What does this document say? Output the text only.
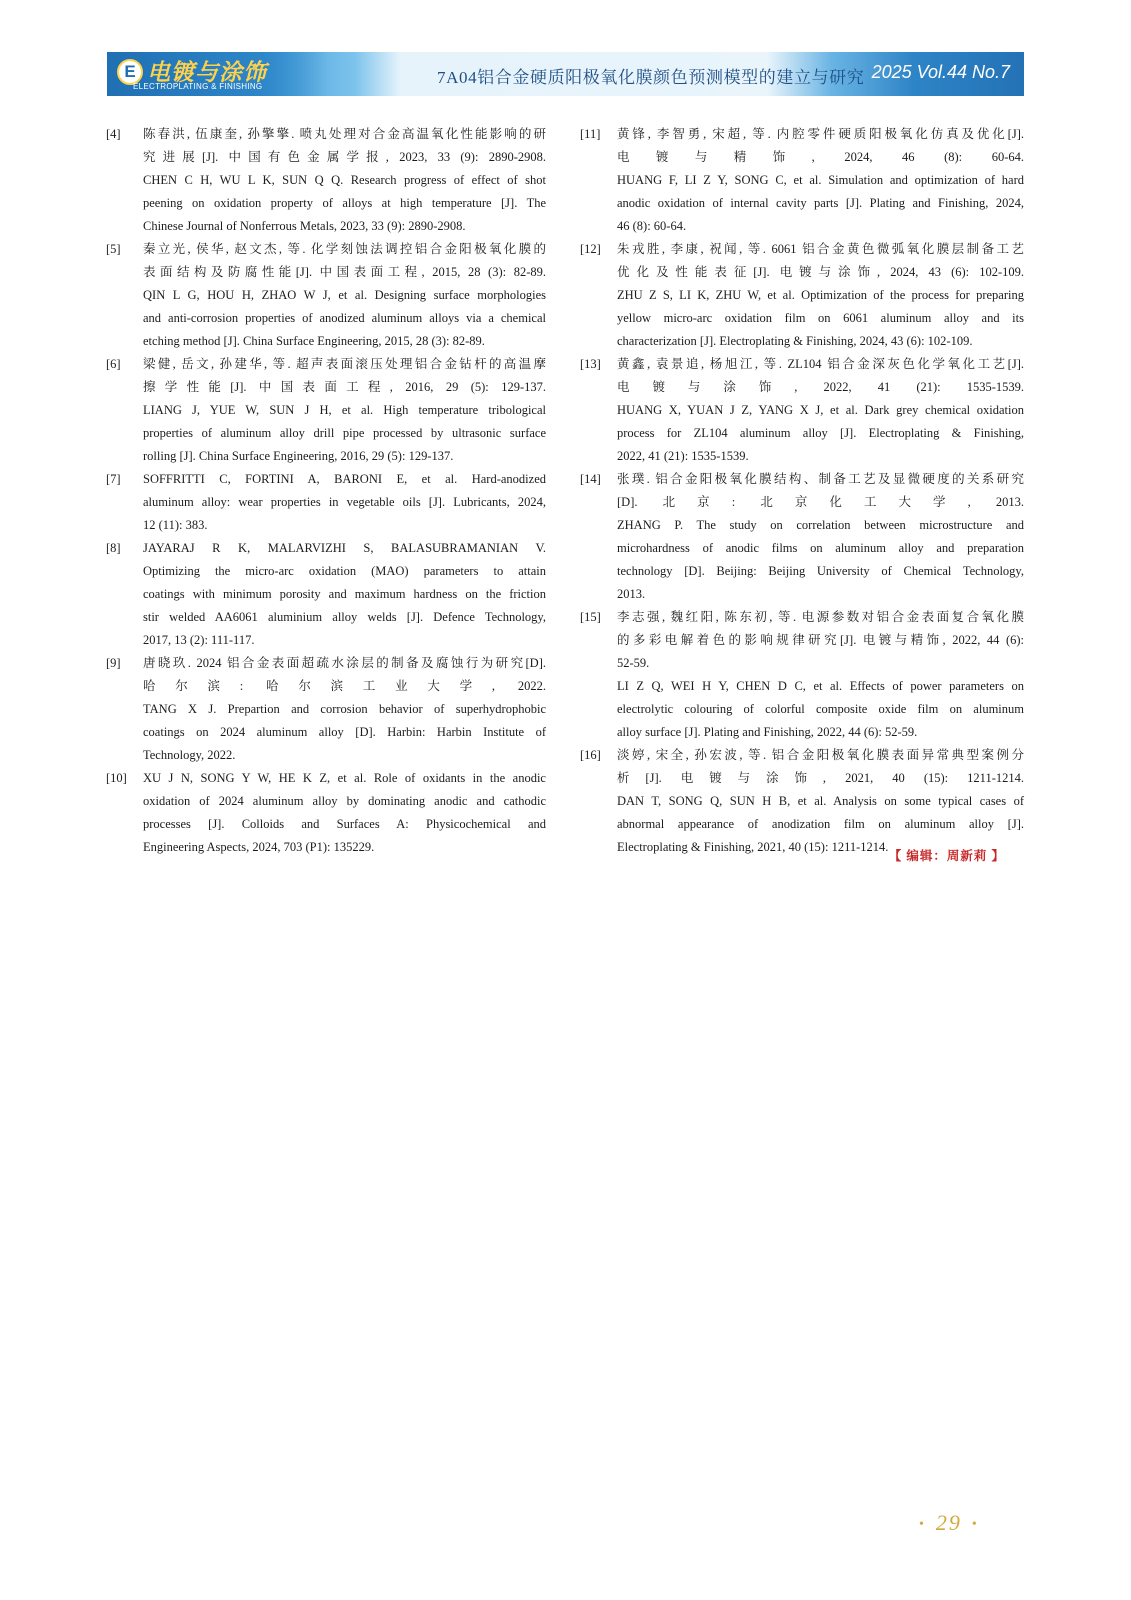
E 电镀与涂饰
ELECTROPLATING & FINISHING	7A04铝合金硬质阳极氧化膜颜色预测模型的建立与研究 2025 Vol.44 No.7
[4]	陈春洪, 伍康奎, 孙擎擎. 喷丸处理对合金高温氧化性能影响的研
究进展[J]. 中国有色金属学报, 2023, 33 (9): 2890-2908.
CHEN C H, WU L K, SUN Q Q. Research progress of effect of shot
peening on oxidation property of alloys at high temperature [J]. The
Chinese Journal of Nonferrous Metals, 2023, 33 (9): 2890-2908.
[5]	秦立光, 侯华, 赵文杰, 等. 化学刻蚀法调控铝合金阳极氧化膜的
表面结构及防腐性能[J]. 中国表面工程, 2015, 28 (3): 82-89.
QIN L G, HOU H, ZHAO W J, et al. Designing surface morphologies
and anti-corrosion properties of anodized aluminum alloys via a chemical
etching method [J]. China Surface Engineering, 2015, 28 (3): 82-89.
[6]	梁健, 岳文, 孙建华, 等. 超声表面滚压处理铝合金钻杆的高温摩
擦学性能[J]. 中国表面工程, 2016, 29 (5): 129-137.
LIANG J, YUE W, SUN J H, et al. High temperature tribological
properties of aluminum alloy drill pipe processed by ultrasonic surface
rolling [J]. China Surface Engineering, 2016, 29 (5): 129-137.
[7]	SOFFRITTI C, FORTINI A, BARONI E, et al. Hard-anodized
aluminum alloy: wear properties in vegetable oils [J]. Lubricants, 2024,
12 (11): 383.
[8]	JAYARAJ R K, MALARVIZHI S, BALASUBRAMANIAN V.
Optimizing the micro-arc oxidation (MAO) parameters to attain
coatings with minimum porosity and maximum hardness on the friction
stir welded AA6061 aluminium alloy welds [J]. Defence Technology,
2017, 13 (2): 111-117.
[9]	唐晓玖. 2024 铝合金表面超疏水涂层的制备及腐蚀行为研究[D].
哈尔滨: 哈尔滨工业大学, 2022.
TANG X J. Prepartion and corrosion behavior of superhydrophobic
coatings on 2024 aluminum alloy [D]. Harbin: Harbin Institute of
Technology, 2022.
[10]	XU J N, SONG Y W, HE K Z, et al. Role of oxidants in the anodic
oxidation of 2024 aluminum alloy by dominating anodic and cathodic
processes [J]. Colloids and Surfaces A: Physicochemical and
Engineering Aspects, 2024, 703 (P1): 135229.
[11]	黄锋, 李智勇, 宋超, 等. 内腔零件硬质阳极氧化仿真及优化[J].
电镀与精饰, 2024, 46 (8): 60-64.
HUANG F, LI Z Y, SONG C, et al. Simulation and optimization of hard
anodic oxidation of internal cavity parts [J]. Plating and Finishing, 2024,
46 (8): 60-64.
[12]	朱戎胜, 李康, 祝闻, 等. 6061 铝合金黄色微弧氧化膜层制备工艺
优化及性能表征[J]. 电镀与涂饰, 2024, 43 (6): 102-109.
ZHU Z S, LI K, ZHU W, et al. Optimization of the process for preparing
yellow micro-arc oxidation film on 6061 aluminum alloy and its
characterization [J]. Electroplating & Finishing, 2024, 43 (6): 102-109.
[13]	黄鑫, 袁景追, 杨旭江, 等. ZL104 铝合金深灰色化学氧化工艺[J].
电镀与涂饰, 2022, 41 (21): 1535-1539.
HUANG X, YUAN J Z, YANG X J, et al. Dark grey chemical oxidation
process for ZL104 aluminum alloy [J]. Electroplating & Finishing,
2022, 41 (21): 1535-1539.
[14]	张璞. 铝合金阳极氧化膜结构、制备工艺及显微硬度的关系研究
[D]. 北京: 北京化工大学, 2013.
ZHANG P. The study on correlation between microstructure and
microhardness of anodic films on aluminum alloy and preparation
technology [D]. Beijing: Beijing University of Chemical Technology,
2013.
[15]	李志强, 魏红阳, 陈东初, 等. 电源参数对铝合金表面复合氧化膜
的多彩电解着色的影响规律研究[J]. 电镀与精饰, 2022, 44 (6):
52-59.
LI Z Q, WEI H Y, CHEN D C, et al. Effects of power parameters on
electrolytic colouring of colorful composite oxide film on aluminum
alloy surface [J]. Plating and Finishing, 2022, 44 (6): 52-59.
[16]	淡婷, 宋全, 孙宏波, 等. 铝合金阳极氧化膜表面异常典型案例分
析[J]. 电镀与涂饰, 2021, 40 (15): 1211-1214.
DAN T, SONG Q, SUN H B, et al. Analysis on some typical cases of
abnormal appearance of anodization film on aluminum alloy [J].
Electroplating & Finishing, 2021, 40 (15): 1211-1214.
【 编辑：周新莉 】
• 29 •
